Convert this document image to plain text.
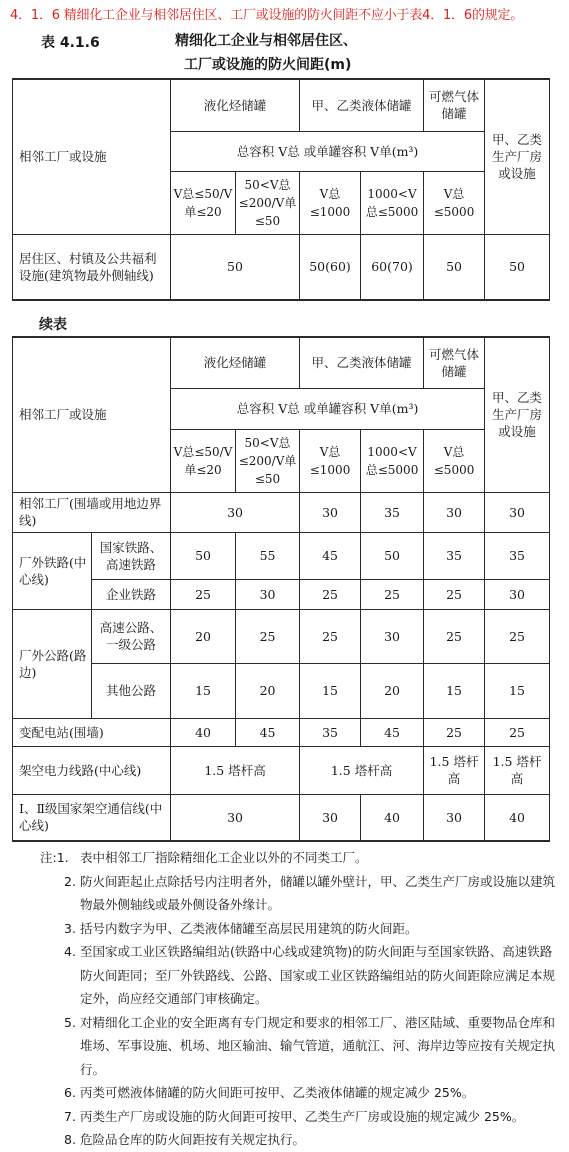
4．1．6 精细化工企业与相邻居住区、工厂或设施的防火间距不应小于表4．1．6的规定。
表 4.1.6	精细化工企业与相邻居住区、
工厂或设施的防火间距(m)
相邻工厂或设施	液化烃储罐		甲、乙类液体储罐		可燃气体储罐	甲、乙类生产厂房或设施
	总容积 V总 或单罐容积 V单(m³)					
	V总≤50/V单≤20	50<V总≤200/V单≤50	V总≤1000	1000<V总≤5000	V总≤5000	
居住区、村镇及公共福利设施(建筑物最外侧轴线)	50		50(60)	60(70)	50	50
续表
相邻工厂或设施		液化烃储罐		甲、乙类液体储罐		可燃气体储罐	甲、乙类生产厂房或设施
		总容积 V总 或单罐容积 V单(m³)					
		V总≤50/V单≤20	50<V总≤200/V单≤50	V总≤1000	1000<V总≤5000	V总≤5000	
相邻工厂(围墙或用地边界线)		30		30	35	30	30
厂外铁路(中心线)	国家铁路、高速铁路	50	55	45	50	35	35
	企业铁路	25	30	25	25	25	30
厂外公路(路边)	高速公路、一级公路	20	25	25	30	25	25
	其他公路	15	20	15	20	15	15
变配电站(围墙)		40	45	35	45	25	25
架空电力线路(中心线)		1.5 塔杆高		1.5 塔杆高		1.5 塔杆高	1.5 塔杆高
Ⅰ、Ⅱ级国家架空通信线(中心线)		30		30	40	30	40
注:1. 表中相邻工厂指除精细化工企业以外的不同类工厂。
2. 防火间距起止点除括号内注明者外，储罐以罐外壁计，甲、乙类生产厂房或设施以建筑物最外侧轴线或最外侧设备外缘计。
3. 括号内数字为甲、乙类液体储罐至高层民用建筑的防火间距。
4. 至国家或工业区铁路编组站(铁路中心线或建筑物)的防火间距与至国家铁路、高速铁路防火间距同；至厂外铁路线、公路、国家或工业区铁路编组站的防火间距除应满足本规定外，尚应经交通部门审核确定。
5. 对精细化工企业的安全距离有专门规定和要求的相邻工厂、港区陆域、重要物品仓库和堆场、军事设施、机场、地区输油、输气管道，通航江、河、海岸边等应按有关规定执行。
6. 丙类可燃液体储罐的防火间距可按甲、乙类液体储罐的规定减少 25%。
7. 丙类生产厂房或设施的防火间距可按甲、乙类生产厂房或设施的规定减少 25%。
8. 危险品仓库的防火间距按有关规定执行。
